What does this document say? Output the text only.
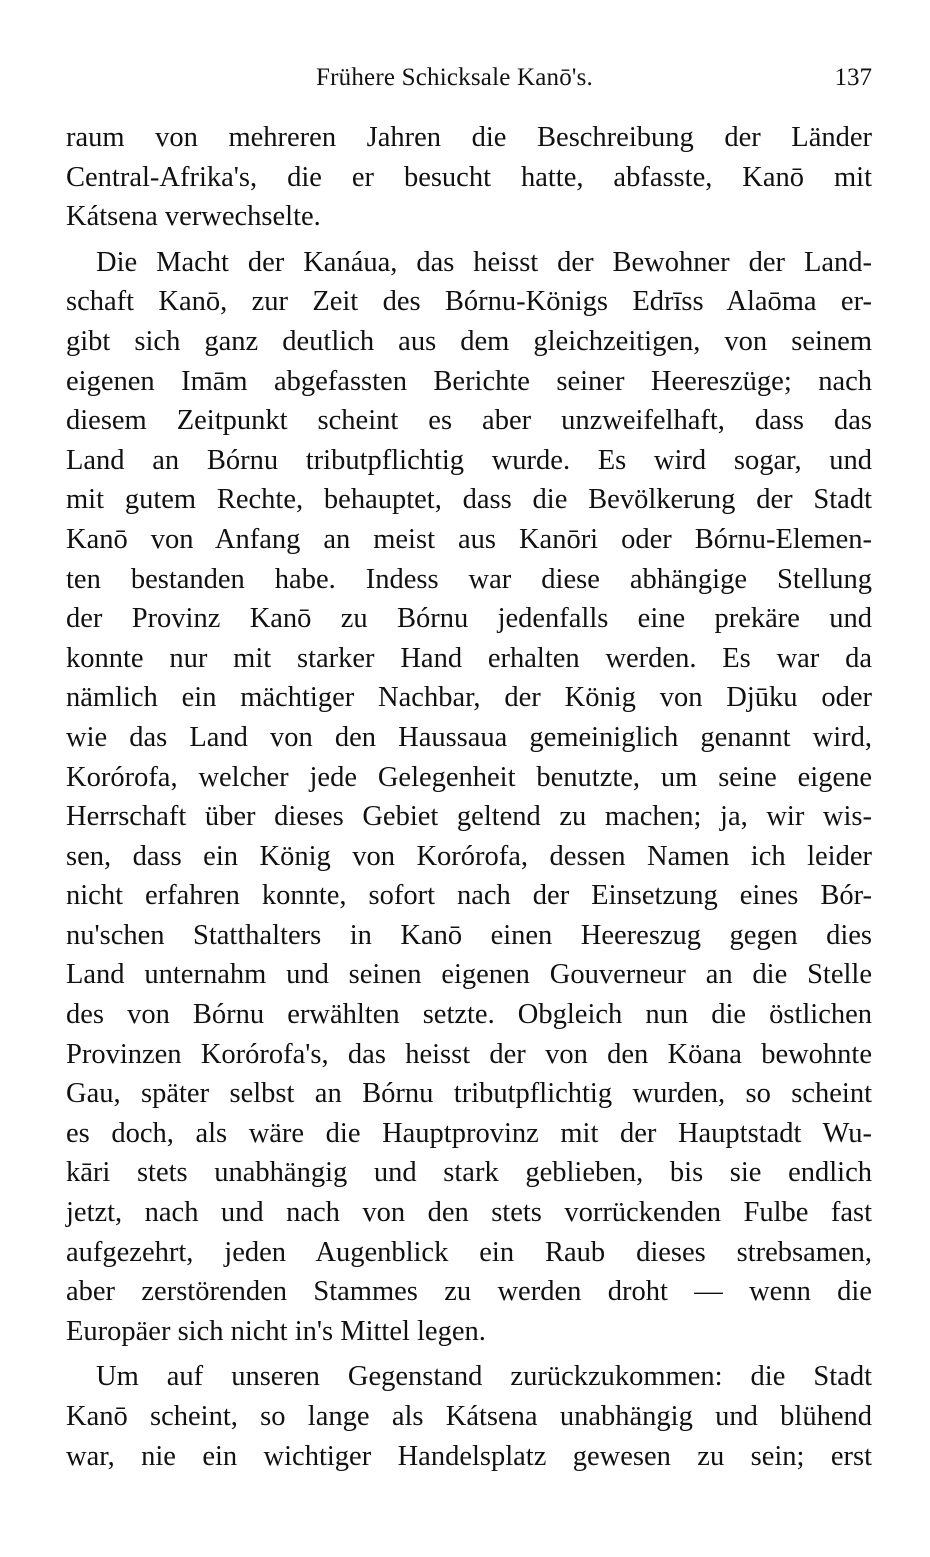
Frühere Schicksale Kanō's.	137

raum von mehreren Jahren die Beschreibung der Länder
Central-Afrika's, die er besucht hatte, abfasste, Kanō mit
Kátsena verwechselte.

Die Macht der Kanáua, das heisst der Bewohner der Land-
schaft Kanō, zur Zeit des Bórnu-Königs Edrīss Alaōma er-
gibt sich ganz deutlich aus dem gleichzeitigen, von seinem
eigenen Imām abgefassten Berichte seiner Heereszüge; nach
diesem Zeitpunkt scheint es aber unzweifelhaft, dass das
Land an Bórnu tributpflichtig wurde. Es wird sogar, und
mit gutem Rechte, behauptet, dass die Bevölkerung der Stadt
Kanō von Anfang an meist aus Kanōri oder Bórnu-Elemen-
ten bestanden habe. Indess war diese abhängige Stellung
der Provinz Kanō zu Bórnu jedenfalls eine prekäre und
konnte nur mit starker Hand erhalten werden. Es war da
nämlich ein mächtiger Nachbar, der König von Djūku oder
wie das Land von den Haussaua gemeiniglich genannt wird,
Korórofa, welcher jede Gelegenheit benutzte, um seine eigene
Herrschaft über dieses Gebiet geltend zu machen; ja, wir wis-
sen, dass ein König von Korórofa, dessen Namen ich leider
nicht erfahren konnte, sofort nach der Einsetzung eines Bór-
nu'schen Statthalters in Kanō einen Heereszug gegen dies
Land unternahm und seinen eigenen Gouverneur an die Stelle
des von Bórnu erwählten setzte. Obgleich nun die östlichen
Provinzen Korórofa's, das heisst der von den Köana bewohnte
Gau, später selbst an Bórnu tributpflichtig wurden, so scheint
es doch, als wäre die Hauptprovinz mit der Hauptstadt Wu-
kāri stets unabhängig und stark geblieben, bis sie endlich
jetzt, nach und nach von den stets vorrückenden Fulbe fast
aufgezehrt, jeden Augenblick ein Raub dieses strebsamen,
aber zerstörenden Stammes zu werden droht — wenn die
Europäer sich nicht in's Mittel legen.

Um auf unseren Gegenstand zurückzukommen: die Stadt
Kanō scheint, so lange als Kátsena unabhängig und blühend
war, nie ein wichtiger Handelsplatz gewesen zu sein; erst
